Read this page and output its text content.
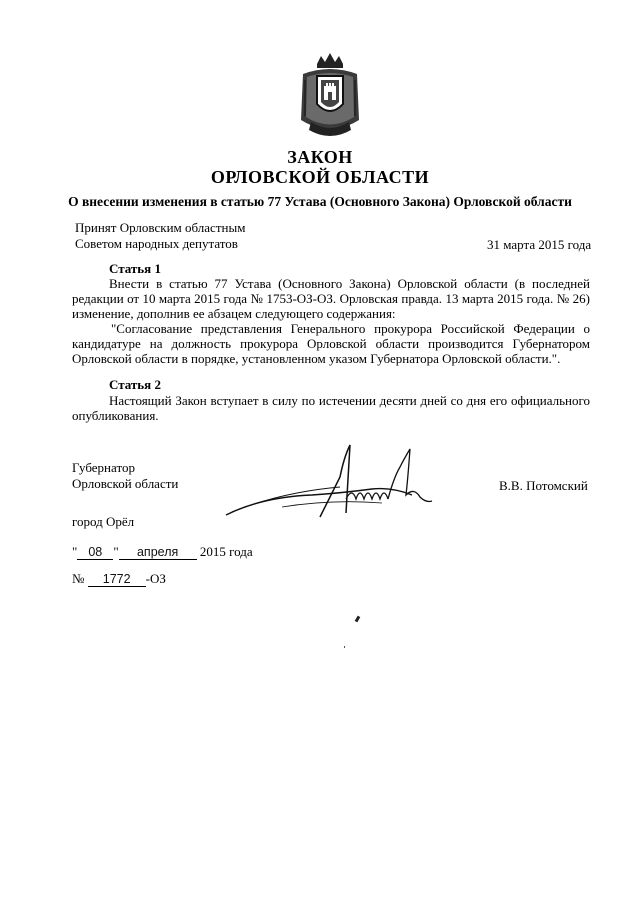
ЗАКОН
ОРЛОВСКОЙ ОБЛАСТИ
О внесении изменения в статью 77 Устава (Основного Закона) Орловской области
Принят Орловским областным
Советом народных депутатов	31 марта 2015 года
Статья 1
Внести в статью 77 Устава (Основного Закона) Орловской области (в последней редакции от 10 марта 2015 года № 1753-ОЗ-ОЗ. Орловская правда. 13 марта 2015 года. № 26) изменение, дополнив ее абзацем следующего содержания:
"Согласование представления Генерального прокурора Российской Федерации о кандидатуре на должность прокурора Орловской области производится Губернатором Орловской области в порядке, установленном указом Губернатора Орловской области.".
Статья 2
Настоящий Закон вступает в силу по истечении десяти дней со дня его официального опубликования.
Губернатор
Орловской области	В.В. Потомский
город Орёл
" 08 " апреля 2015 года
№ 1772 -ОЗ
